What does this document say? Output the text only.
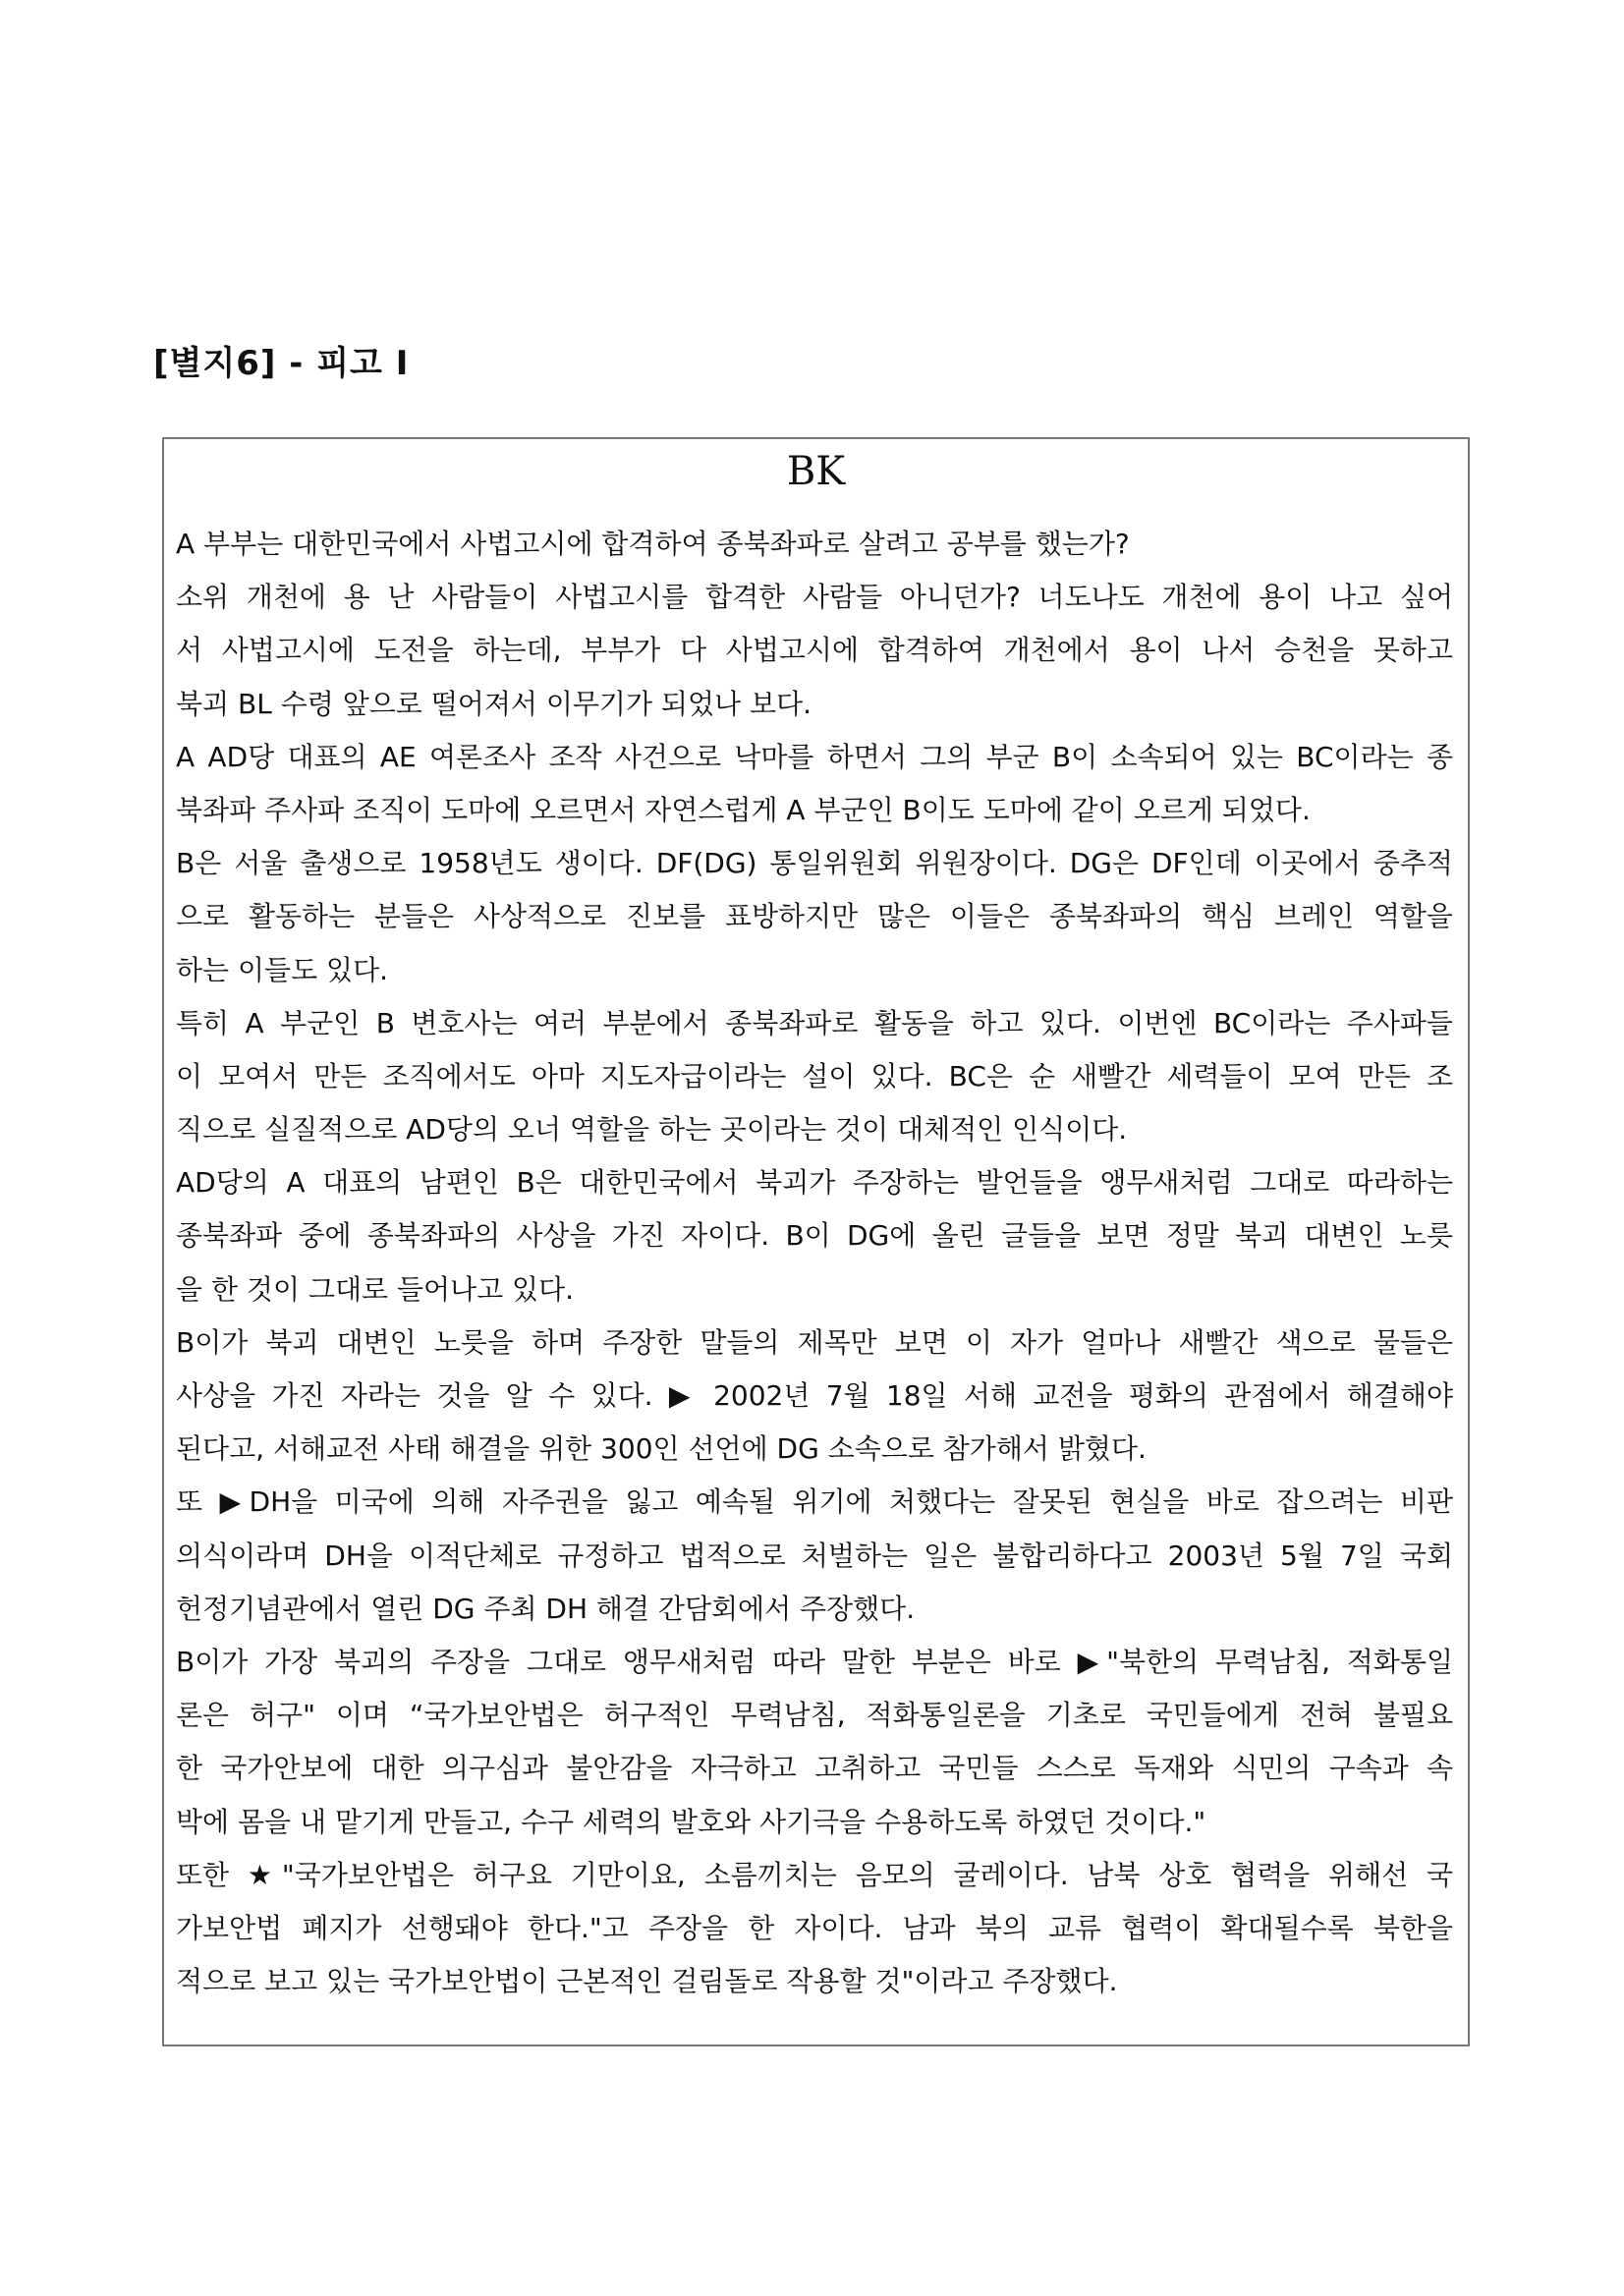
[별지6] - 피고 I
BK
A 부부는 대한민국에서 사법고시에 합격하여 종북좌파로 살려고 공부를 했는가?
소위 개천에 용 난 사람들이 사법고시를 합격한 사람들 아니던가? 너도나도 개천에 용이 나고 싶어
서 사법고시에 도전을 하는데, 부부가 다 사법고시에 합격하여 개천에서 용이 나서 승천을 못하고
북괴 BL 수령 앞으로 떨어져서 이무기가 되었나 보다.
A AD당 대표의 AE 여론조사 조작 사건으로 낙마를 하면서 그의 부군 B이 소속되어 있는 BC이라는 종
북좌파 주사파 조직이 도마에 오르면서 자연스럽게 A 부군인 B이도 도마에 같이 오르게 되었다.
B은 서울 출생으로 1958년도 생이다. DF(DG) 통일위원회 위원장이다. DG은 DF인데 이곳에서 중추적
으로 활동하는 분들은 사상적으로 진보를 표방하지만 많은 이들은 종북좌파의 핵심 브레인 역할을
하는 이들도 있다.
특히 A 부군인 B 변호사는 여러 부분에서 종북좌파로 활동을 하고 있다. 이번엔 BC이라는 주사파들
이 모여서 만든 조직에서도 아마 지도자급이라는 설이 있다. BC은 순 새빨간 세력들이 모여 만든 조
직으로 실질적으로 AD당의 오너 역할을 하는 곳이라는 것이 대체적인 인식이다.
AD당의 A 대표의 남편인 B은 대한민국에서 북괴가 주장하는 발언들을 앵무새처럼 그대로 따라하는
종북좌파 중에 종북좌파의 사상을 가진 자이다. B이 DG에 올린 글들을 보면 정말 북괴 대변인 노릇
을 한 것이 그대로 들어나고 있다.
B이가 북괴 대변인 노릇을 하며 주장한 말들의 제목만 보면 이 자가 얼마나 새빨간 색으로 물들은
사상을 가진 자라는 것을 알 수 있다. ▶ 2002년 7월 18일 서해 교전을 평화의 관점에서 해결해야
된다고, 서해교전 사태 해결을 위한 300인 선언에 DG 소속으로 참가해서 밝혔다.
또 ▶DH을 미국에 의해 자주권을 잃고 예속될 위기에 처했다는 잘못된 현실을 바로 잡으려는 비판
의식이라며 DH을 이적단체로 규정하고 법적으로 처벌하는 일은 불합리하다고 2003년 5월 7일 국회
헌정기념관에서 열린 DG 주최 DH 해결 간담회에서 주장했다.
B이가 가장 북괴의 주장을 그대로 앵무새처럼 따라 말한 부분은 바로 ▶"북한의 무력남침, 적화통일
론은 허구" 이며 “국가보안법은 허구적인 무력남침, 적화통일론을 기초로 국민들에게 전혀 불필요
한 국가안보에 대한 의구심과 불안감을 자극하고 고취하고 국민들 스스로 독재와 식민의 구속과 속
박에 몸을 내 맡기게 만들고, 수구 세력의 발호와 사기극을 수용하도록 하였던 것이다."
또한 ★"국가보안법은 허구요 기만이요, 소름끼치는 음모의 굴레이다. 남북 상호 협력을 위해선 국
가보안법 폐지가 선행돼야 한다."고 주장을 한 자이다. 남과 북의 교류 협력이 확대될수록 북한을
적으로 보고 있는 국가보안법이 근본적인 걸림돌로 작용할 것"이라고 주장했다.
